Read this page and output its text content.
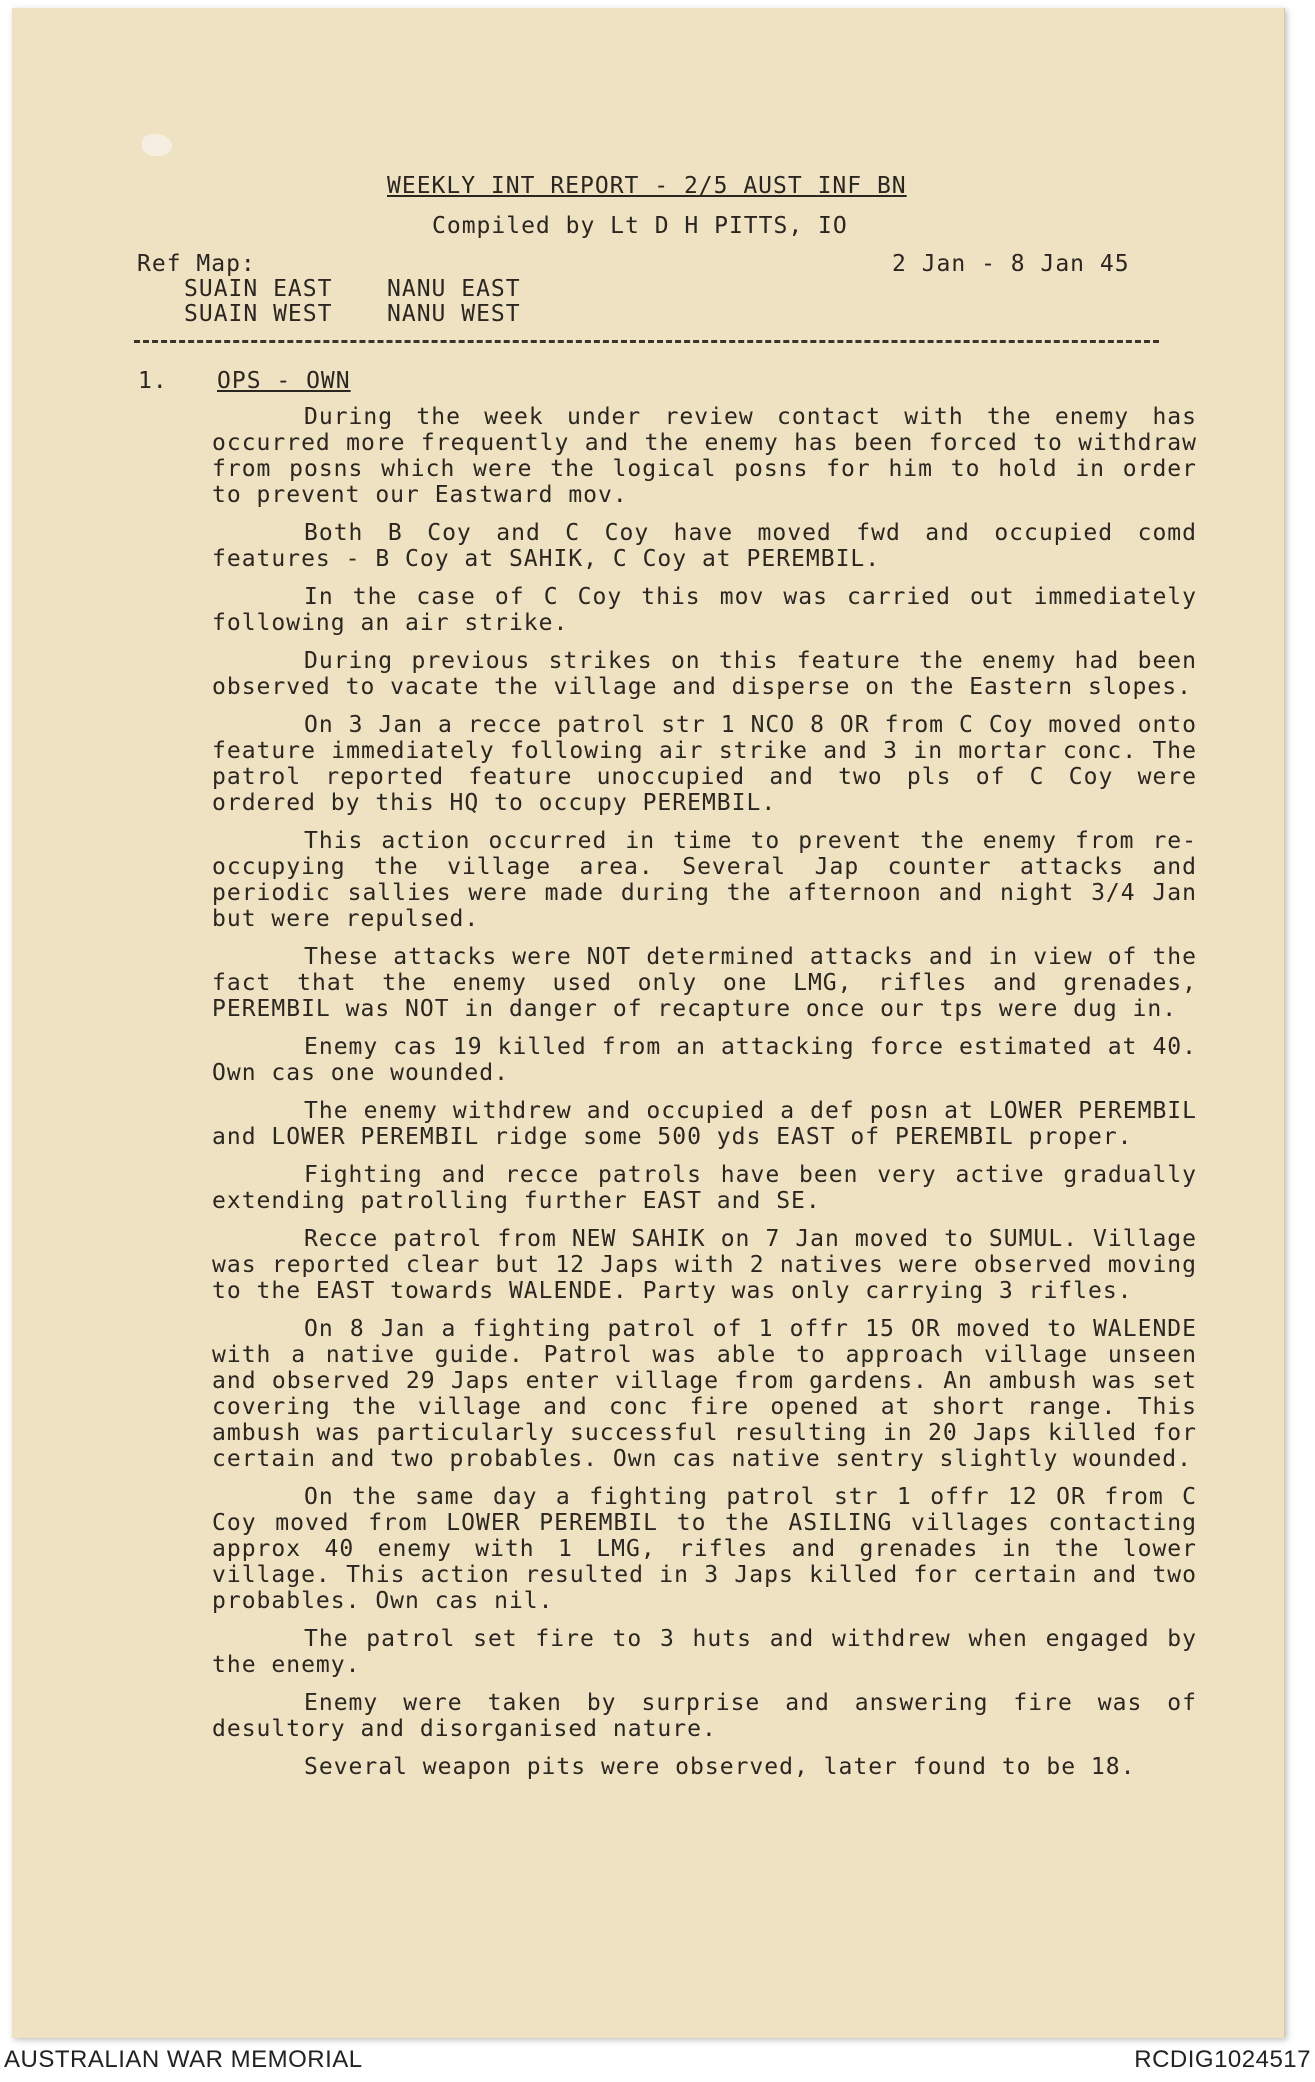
WEEKLY INT REPORT - 2/5 AUST INF BN
Compiled by Lt D H PITTS, IO
Ref Map:
SUAIN EAST NANU EAST
SUAIN WEST NANU WEST
2 Jan - 8 Jan 45
1. OPS - OWN

During the week under review contact with the enemy has occurred more frequently and the enemy has been forced to withdraw from posns which were the logical posns for him to hold in order to prevent our Eastward mov.

Both B Coy and C Coy have moved fwd and occupied comd features - B Coy at SAHIK, C Coy at PEREMBIL.

In the case of C Coy this mov was carried out immediately following an air strike.

During previous strikes on this feature the enemy had been observed to vacate the village and disperse on the Eastern slopes.

On 3 Jan a recce patrol str 1 NCO 8 OR from C Coy moved onto feature immediately following air strike and 3 in mortar conc. The patrol reported feature unoccupied and two pls of C Coy were ordered by this HQ to occupy PEREMBIL.

This action occurred in time to prevent the enemy from re-occupying the village area. Several Jap counter attacks and periodic sallies were made during the afternoon and night 3/4 Jan but were repulsed.

These attacks were NOT determined attacks and in view of the fact that the enemy used only one LMG, rifles and grenades, PEREMBIL was NOT in danger of recapture once our tps were dug in.

Enemy cas 19 killed from an attacking force estimated at 40. Own cas one wounded.

The enemy withdrew and occupied a def posn at LOWER PEREMBIL and LOWER PEREMBIL ridge some 500 yds EAST of PEREMBIL proper.

Fighting and recce patrols have been very active gradually extending patrolling further EAST and SE.

Recce patrol from NEW SAHIK on 7 Jan moved to SUMUL. Village was reported clear but 12 Japs with 2 natives were observed moving to the EAST towards WALENDE. Party was only carrying 3 rifles.

On 8 Jan a fighting patrol of 1 offr 15 OR moved to WALENDE with a native guide. Patrol was able to approach village unseen and observed 29 Japs enter village from gardens. An ambush was set covering the village and conc fire opened at short range. This ambush was particularly successful resulting in 20 Japs killed for certain and two probables. Own cas native sentry slightly wounded.

On the same day a fighting patrol str 1 offr 12 OR from C Coy moved from LOWER PEREMBIL to the ASILING villages contacting approx 40 enemy with 1 LMG, rifles and grenades in the lower village. This action resulted in 3 Japs killed for certain and two probables. Own cas nil.

The patrol set fire to 3 huts and withdrew when engaged by the enemy.

Enemy were taken by surprise and answering fire was of desultory and disorganised nature.

Several weapon pits were observed, later found to be 18.

AUSTRALIAN WAR MEMORIAL	RCDIG1024517
